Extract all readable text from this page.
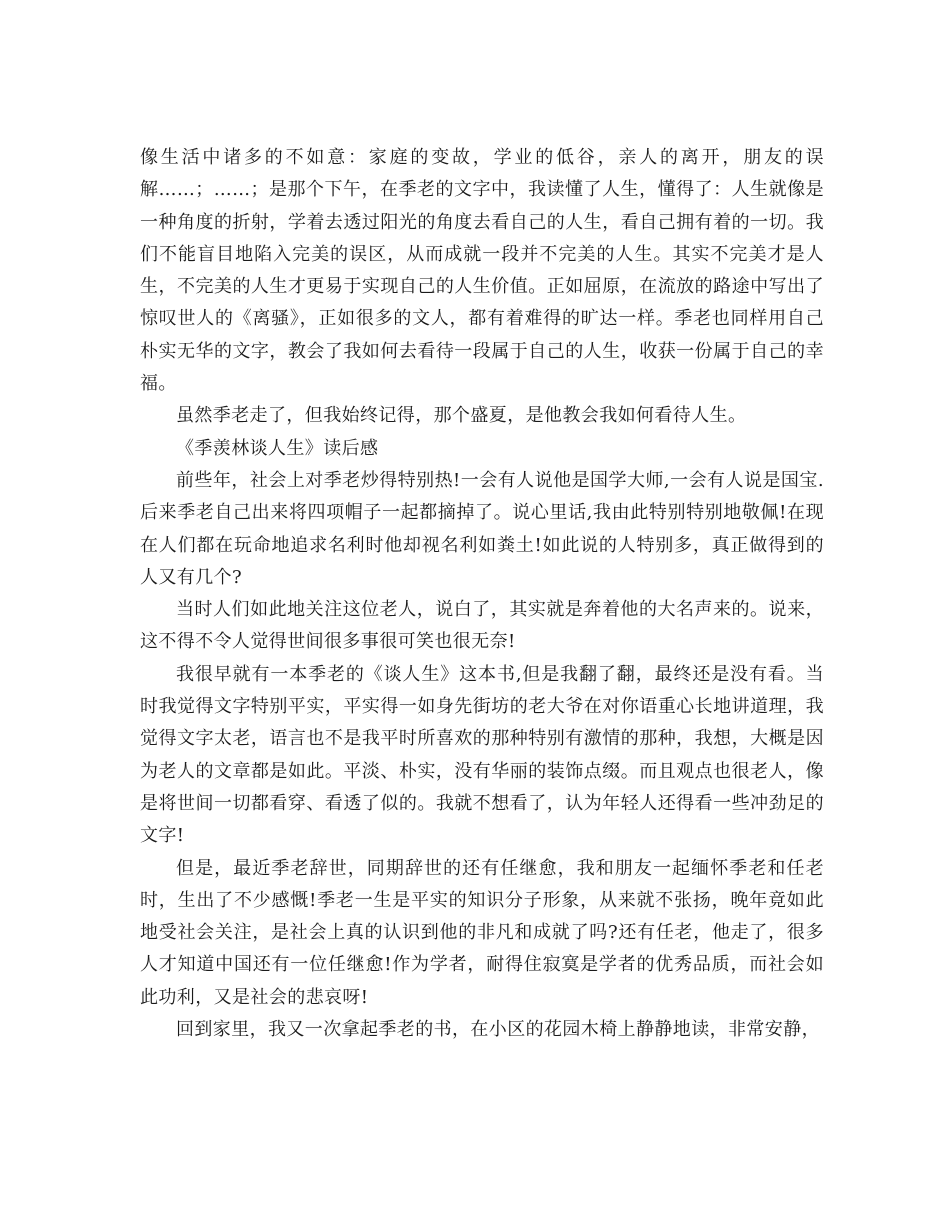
像生活中诸多的不如意：家庭的变故，学业的低谷，亲人的离开，朋友的误解……；……；是那个下午，在季老的文字中，我读懂了人生，懂得了：人生就像是一种角度的折射，学着去透过阳光的角度去看自己的人生，看自己拥有着的一切。我们不能盲目地陷入完美的误区，从而成就一段并不完美的人生。其实不完美才是人生，不完美的人生才更易于实现自己的人生价值。正如屈原，在流放的路途中写出了惊叹世人的《离骚》，正如很多的文人，都有着难得的旷达一样。季老也同样用自己朴实无华的文字，教会了我如何去看待一段属于自己的人生，收获一份属于自己的幸福。

虽然季老走了，但我始终记得，那个盛夏，是他教会我如何看待人生。

《季羡林谈人生》读后感

前些年，社会上对季老炒得特别热!一会有人说他是国学大师,一会有人说是国宝.后来季老自己出来将四项帽子一起都摘掉了。说心里话,我由此特别特别地敬佩!在现在人们都在玩命地追求名利时他却视名利如粪土!如此说的人特别多，真正做得到的人又有几个?

当时人们如此地关注这位老人，说白了，其实就是奔着他的大名声来的。说来，这不得不令人觉得世间很多事很可笑也很无奈!

我很早就有一本季老的《谈人生》这本书,但是我翻了翻，最终还是没有看。当时我觉得文字特别平实，平实得一如身先街坊的老大爷在对你语重心长地讲道理，我觉得文字太老，语言也不是我平时所喜欢的那种特别有激情的那种，我想，大概是因为老人的文章都是如此。平淡、朴实，没有华丽的装饰点缀。而且观点也很老人，像是将世间一切都看穿、看透了似的。我就不想看了，认为年轻人还得看一些冲劲足的文字!

但是，最近季老辞世，同期辞世的还有任继愈，我和朋友一起缅怀季老和任老时，生出了不少感慨!季老一生是平实的知识分子形象，从来就不张扬，晚年竟如此地受社会关注，是社会上真的认识到他的非凡和成就了吗?还有任老，他走了，很多人才知道中国还有一位任继愈!作为学者，耐得住寂寞是学者的优秀品质，而社会如此功利，又是社会的悲哀呀!

回到家里，我又一次拿起季老的书，在小区的花园木椅上静静地读，非常安静，
